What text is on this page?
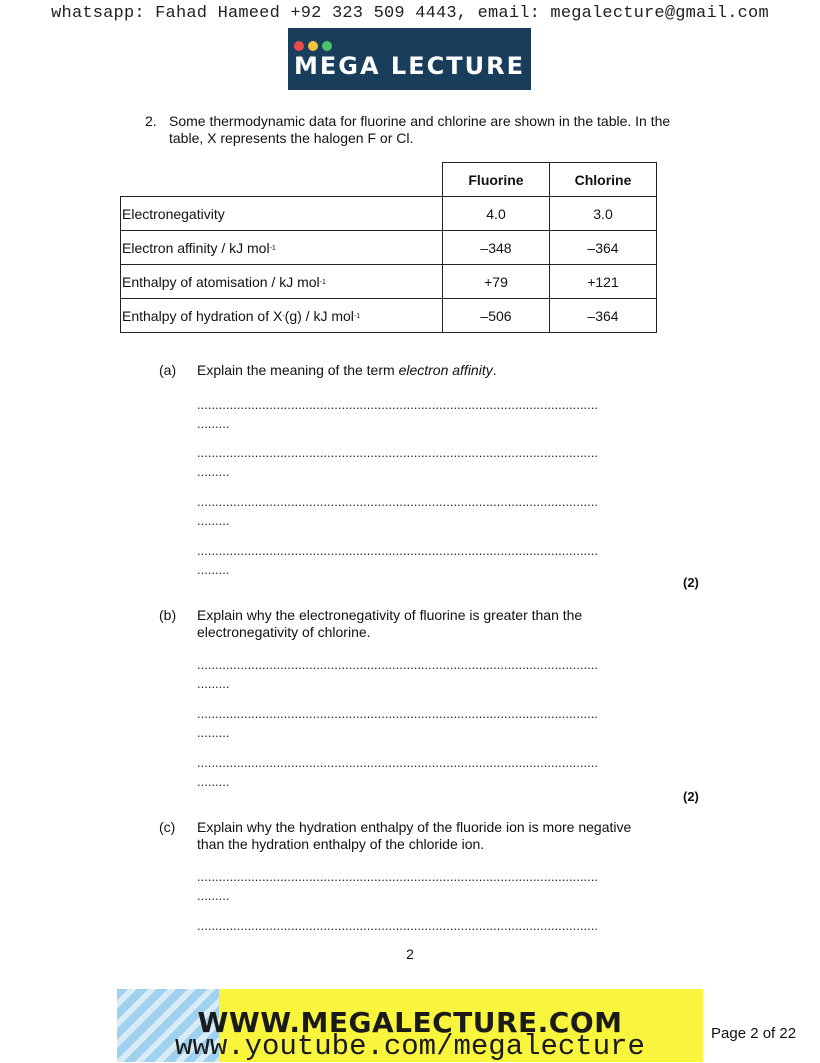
whatsapp: Fahad Hameed +92 323 509 4443, email: megalecture@gmail.com
MEGA LECTURE
2. Some thermodynamic data for fluorine and chlorine are shown in the table. In the table, X represents the halogen F or Cl.
	Fluorine	Chlorine
Electronegativity	4.0	3.0
Electron affinity / kJ mol$^{-1}$	–348	–364
Enthalpy of atomisation / kJ mol$^{-1}$	+79	+121
Enthalpy of hydration of X-(g) / kJ mol$^{-1}$	–506	–364
(a) Explain the meaning of the term electron affinity.
...............................................................................................................
.........
...............................................................................................................
.........
...............................................................................................................
.........
...............................................................................................................
.........
(2)
(b) Explain why the electronegativity of fluorine is greater than the electronegativity of chlorine.
...............................................................................................................
.........
...............................................................................................................
.........
...............................................................................................................
.........
(2)
(c) Explain why the hydration enthalpy of the fluoride ion is more negative than the hydration enthalpy of the chloride ion.
...............................................................................................................
.........
...............................................................................................................
2
WWW.MEGALECTURE.COM
www.youtube.com/megalecture	Page 2 of 22
